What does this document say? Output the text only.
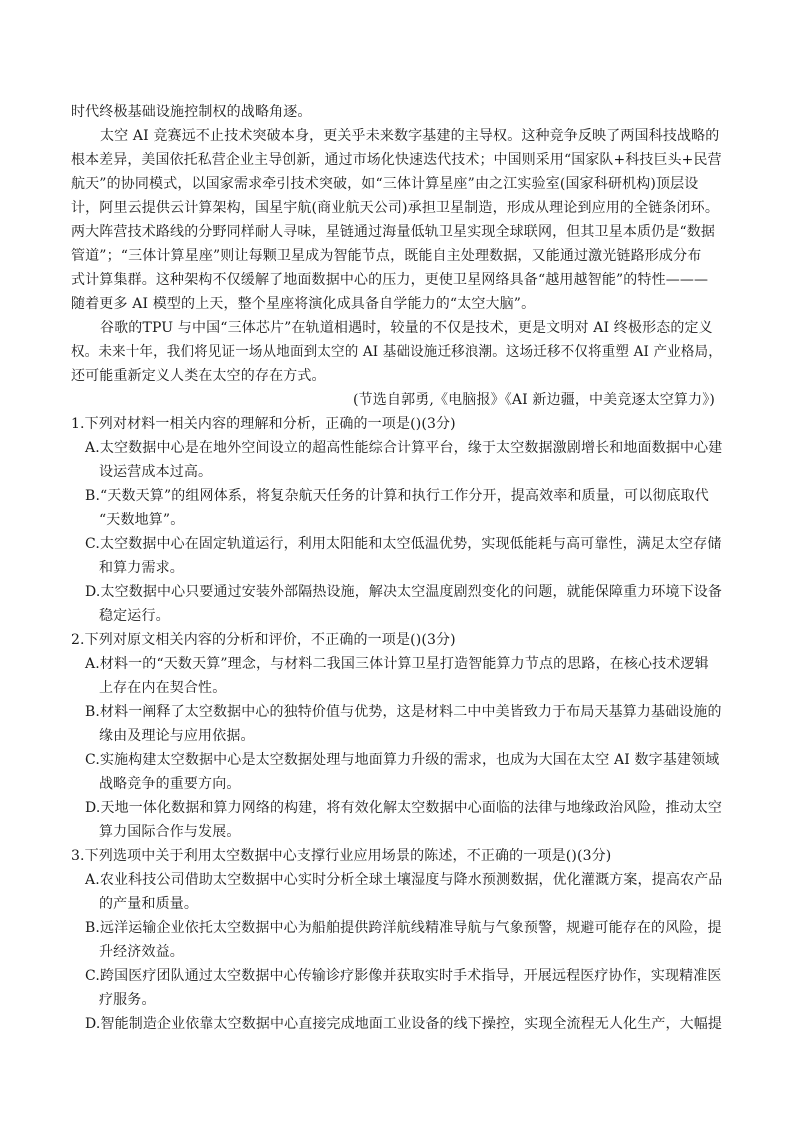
时代终极基础设施控制权的战略角逐。
太空 AI 竞赛远不止技术突破本身，更关乎未来数字基建的主导权。这种竞争反映了两国科技战略的
根本差异，美国依托私营企业主导创新，通过市场化快速迭代技术；中国则采用“国家队+科技巨头+民营
航天”的协同模式，以国家需求牵引技术突破，如“三体计算星座”由之江实验室(国家科研机构)顶层设
计，阿里云提供云计算架构，国星宇航(商业航天公司)承担卫星制造，形成从理论到应用的全链条闭环。
两大阵营技术路线的分野同样耐人寻味，星链通过海量低轨卫星实现全球联网，但其卫星本质仍是“数据
管道”；“三体计算星座”则让每颗卫星成为智能节点，既能自主处理数据，又能通过激光链路形成分布
式计算集群。这种架构不仅缓解了地面数据中心的压力，更使卫星网络具备“越用越智能”的特性———
随着更多 AI 模型的上天，整个星座将演化成具备自学能力的“太空大脑”。
谷歌的TPU 与中国“三体芯片”在轨道相遇时，较量的不仅是技术，更是文明对 AI 终极形态的定义
权。未来十年，我们将见证一场从地面到太空的 AI 基础设施迁移浪潮。这场迁移不仅将重塑 AI 产业格局，
还可能重新定义人类在太空的存在方式。
(节选自郭勇,《电脑报》《AI 新边疆，中美竞逐太空算力》)
1.下列对材料一相关内容的理解和分析，正确的一项是()(3分)
A.太空数据中心是在地外空间设立的超高性能综合计算平台，缘于太空数据激剧增长和地面数据中心建
设运营成本过高。
B.“天数天算”的组网体系，将复杂航天任务的计算和执行工作分开，提高效率和质量，可以彻底取代
“天数地算”。
C.太空数据中心在固定轨道运行，利用太阳能和太空低温优势，实现低能耗与高可靠性，满足太空存储
和算力需求。
D.太空数据中心只要通过安装外部隔热设施，解决太空温度剧烈变化的问题，就能保障重力环境下设备
稳定运行。
2.下列对原文相关内容的分析和评价，不正确的一项是()(3分)
A.材料一的“天数天算”理念，与材料二我国三体计算卫星打造智能算力节点的思路，在核心技术逻辑
上存在内在契合性。
B.材料一阐释了太空数据中心的独特价值与优势，这是材料二中中美皆致力于布局天基算力基础设施的
缘由及理论与应用依据。
C.实施构建太空数据中心是太空数据处理与地面算力升级的需求，也成为大国在太空 AI 数字基建领域
战略竞争的重要方向。
D.天地一体化数据和算力网络的构建，将有效化解太空数据中心面临的法律与地缘政治风险，推动太空
算力国际合作与发展。
3.下列选项中关于利用太空数据中心支撑行业应用场景的陈述，不正确的一项是()(3分)
A.农业科技公司借助太空数据中心实时分析全球土壤湿度与降水预测数据，优化灌溉方案，提高农产品
的产量和质量。
B.远洋运输企业依托太空数据中心为船舶提供跨洋航线精准导航与气象预警，规避可能存在的风险，提
升经济效益。
C.跨国医疗团队通过太空数据中心传输诊疗影像并获取实时手术指导，开展远程医疗协作，实现精准医
疗服务。
D.智能制造企业依靠太空数据中心直接完成地面工业设备的线下操控，实现全流程无人化生产，大幅提
